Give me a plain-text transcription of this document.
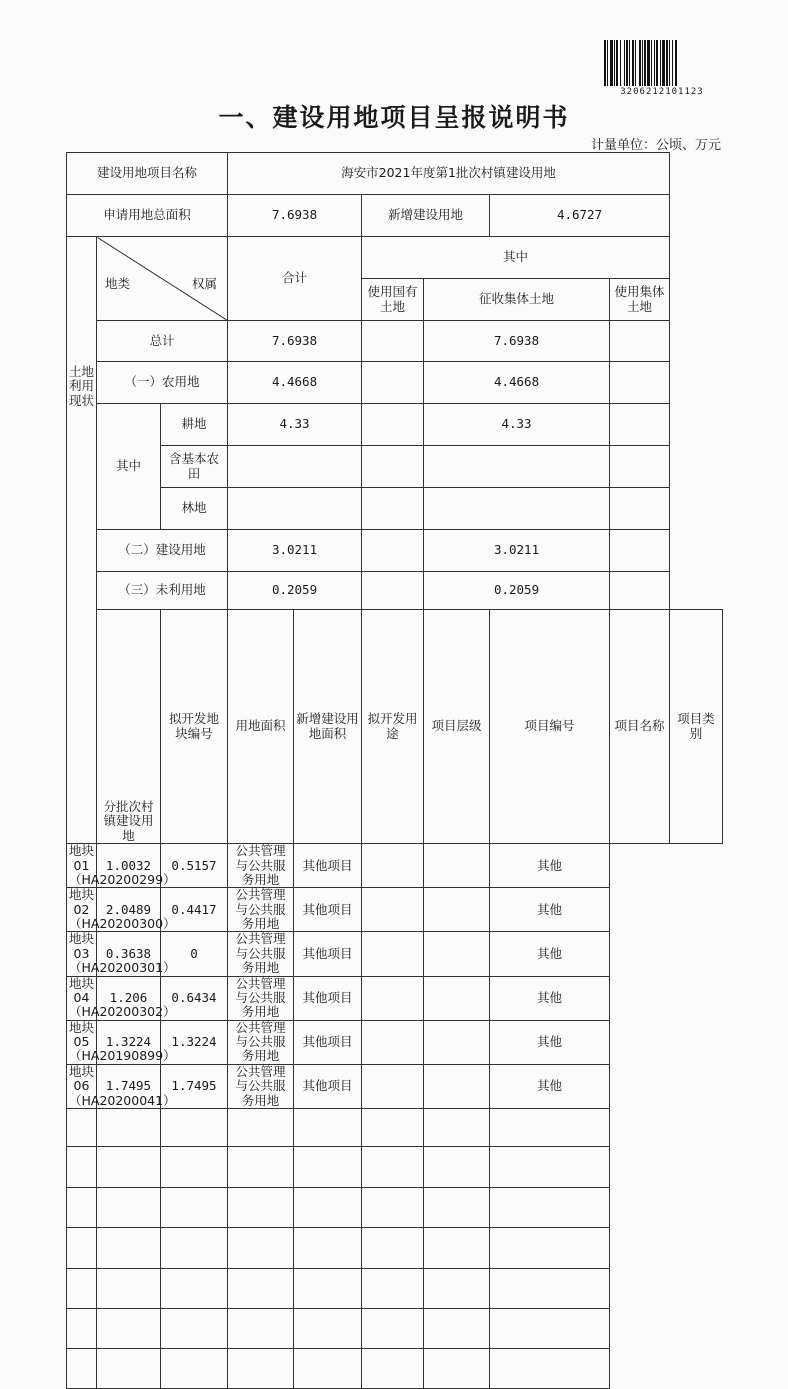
3206212101123
一、建设用地项目呈报说明书
计量单位：公顷、万元
建设用地项目名称			海安市2021年度第1批次村镇建设用地						
申请用地总面积			7.6938		新增建设用地		4.6727		
土地利用现状	地类 权属		合计		其中				
					使用国有土地	征收集体土地		使用集体土地	
	总计		7.6938			7.6938			
	（一）农用地		4.4668			4.4668			
	其中	耕地	4.33			4.33			
		含基本农田							
		林地							
	（二）建设用地		3.0211			3.0211			
	（三）未利用地		0.2059			0.2059			
	分批次村镇建设用地	拟开发地块编号	用地面积	新增建设用地面积	拟开发用途	项目层级	项目编号	项目名称	项目类别
地块01（HA20200299）	1.0032	0.5157	公共管理与公共服务用地	其他项目			其他		
地块02（HA20200300）	2.0489	0.4417	公共管理与公共服务用地	其他项目			其他		
地块03（HA20200301）	0.3638	0	公共管理与公共服务用地	其他项目			其他		
地块04（HA20200302）	1.206	0.6434	公共管理与公共服务用地	其他项目			其他		
地块05（HA20190899）	1.3224	1.3224	公共管理与公共服务用地	其他项目			其他		
地块06（HA20200041）	1.7495	1.7495	公共管理与公共服务用地	其他项目			其他		
